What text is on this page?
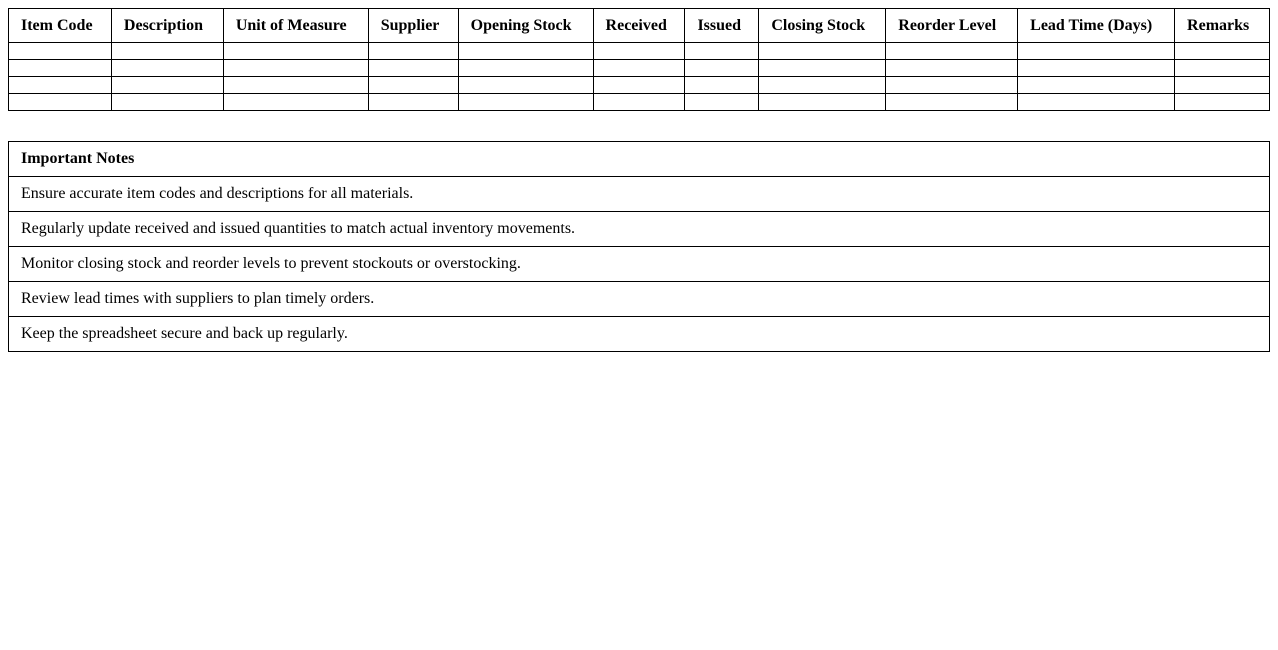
Item Code	Description	Unit of Measure	Supplier	Opening Stock	Received	Issued	Closing Stock	Reorder Level	Lead Time (Days)	Remarks

Important Notes
Ensure accurate item codes and descriptions for all materials.
Regularly update received and issued quantities to match actual inventory movements.
Monitor closing stock and reorder levels to prevent stockouts or overstocking.
Review lead times with suppliers to plan timely orders.
Keep the spreadsheet secure and back up regularly.
